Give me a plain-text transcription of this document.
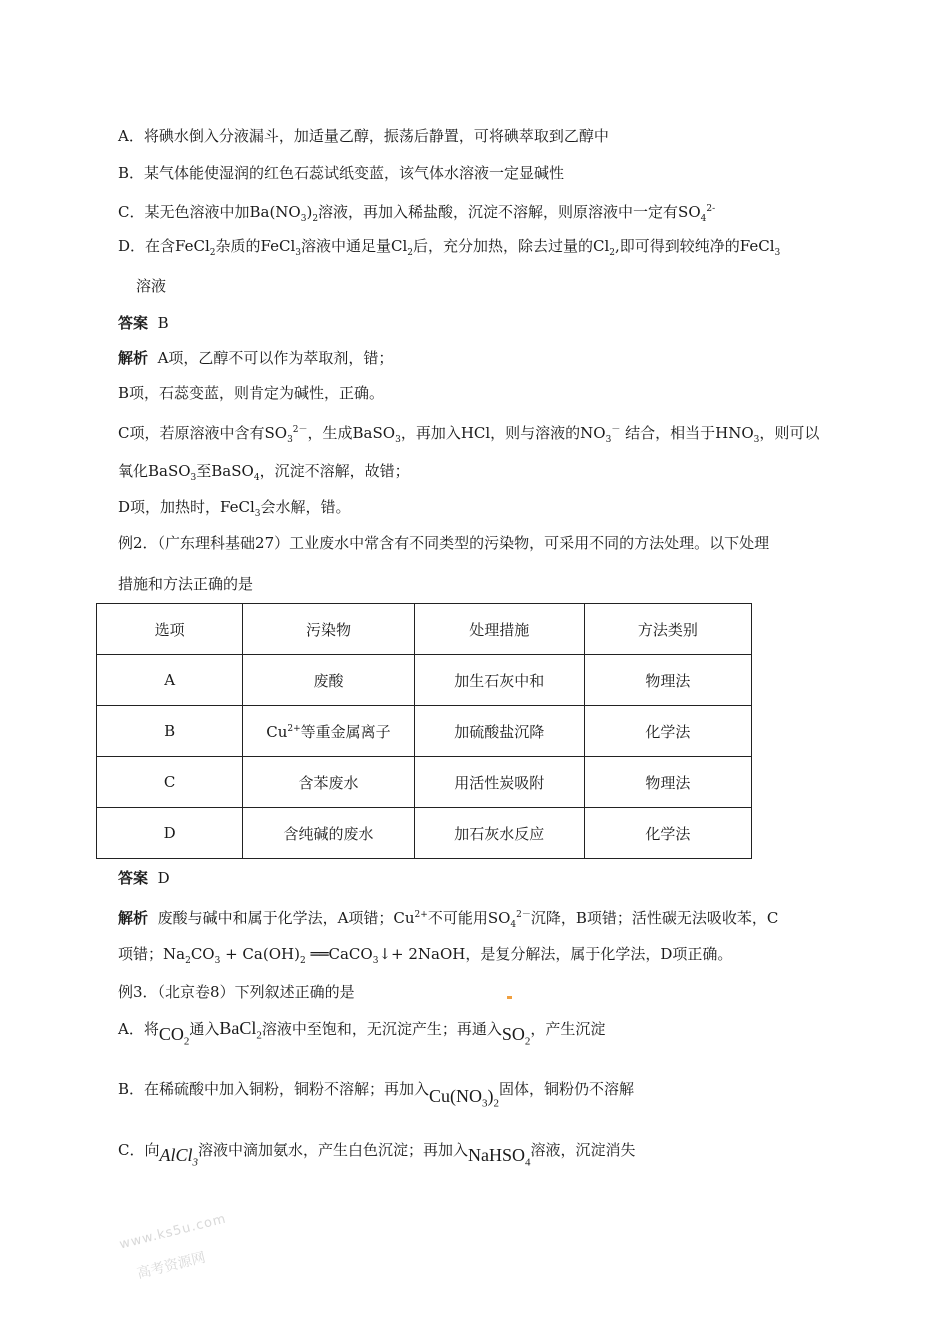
A．将碘水倒入分液漏斗，加适量乙醇，振荡后静置，可将碘萃取到乙醇中
B．某气体能使湿润的红色石蕊试纸变蓝，该气体水溶液一定显碱性
C．某无色溶液中加$Ba(NO_3)_2$溶液，再加入稀盐酸，沉淀不溶解，则原溶液中一定有$SO_4^{2-}$
D．在含FeCl$_2$杂质的FeCl$_3$溶液中通足量$Cl_2$后，充分加热，除去过量的$Cl_2$,即可得到较纯净的FeCl$_3$
溶液
答案 B
解析 A项，乙醇不可以作为萃取剂，错；
B项，石蕊变蓝，则肯定为碱性，正确。
C项，若原溶液中含有$SO_3^{2-}$，生成BaSO$_3$，再加入HCl，则与溶液的$NO_3^-$ 结合，相当于$HNO_3$，则可以
氧化BaSO$_3$至BaSO$_4$，沉淀不溶解，故错；
D项，加热时，FeCl$_3$会水解，错。
例2．（广东理科基础27）工业废水中常含有不同类型的污染物，可采用不同的方法处理。以下处理
措施和方法正确的是
选项	污染物	处理措施	方法类别
A	废酸	加生石灰中和	物理法
B	$Cu^{2+}$等重金属离子	加硫酸盐沉降	化学法
C	含苯废水	用活性炭吸附	物理法
D	含纯碱的废水	加石灰水反应	化学法
答案 D
解析  废酸与碱中和属于化学法，A项错；$Cu^{2+}$不可能用$SO_4^{2-}$沉降，B项错；活性碳无法吸收苯，C
项错；$Na_2CO_3 + Ca(OH)_2$ ══CaCO$_3$↓+ 2NaOH，是复分解法，属于化学法，D项正确。
例3．（北京卷8）下列叙述正确的是
A．将$CO_2$通入BaCl$_2$溶液中至饱和，无沉淀产生；再通入$SO_2$，产生沉淀
B．在稀硫酸中加入铜粉，铜粉不溶解；再加入$Cu(NO_3)_2$固体，铜粉仍不溶解
C．向AlCl$_3$溶液中滴加氨水，产生白色沉淀；再加入NaHSO$_4$溶液，沉淀消失
www.ks5u.com
高考资源网
